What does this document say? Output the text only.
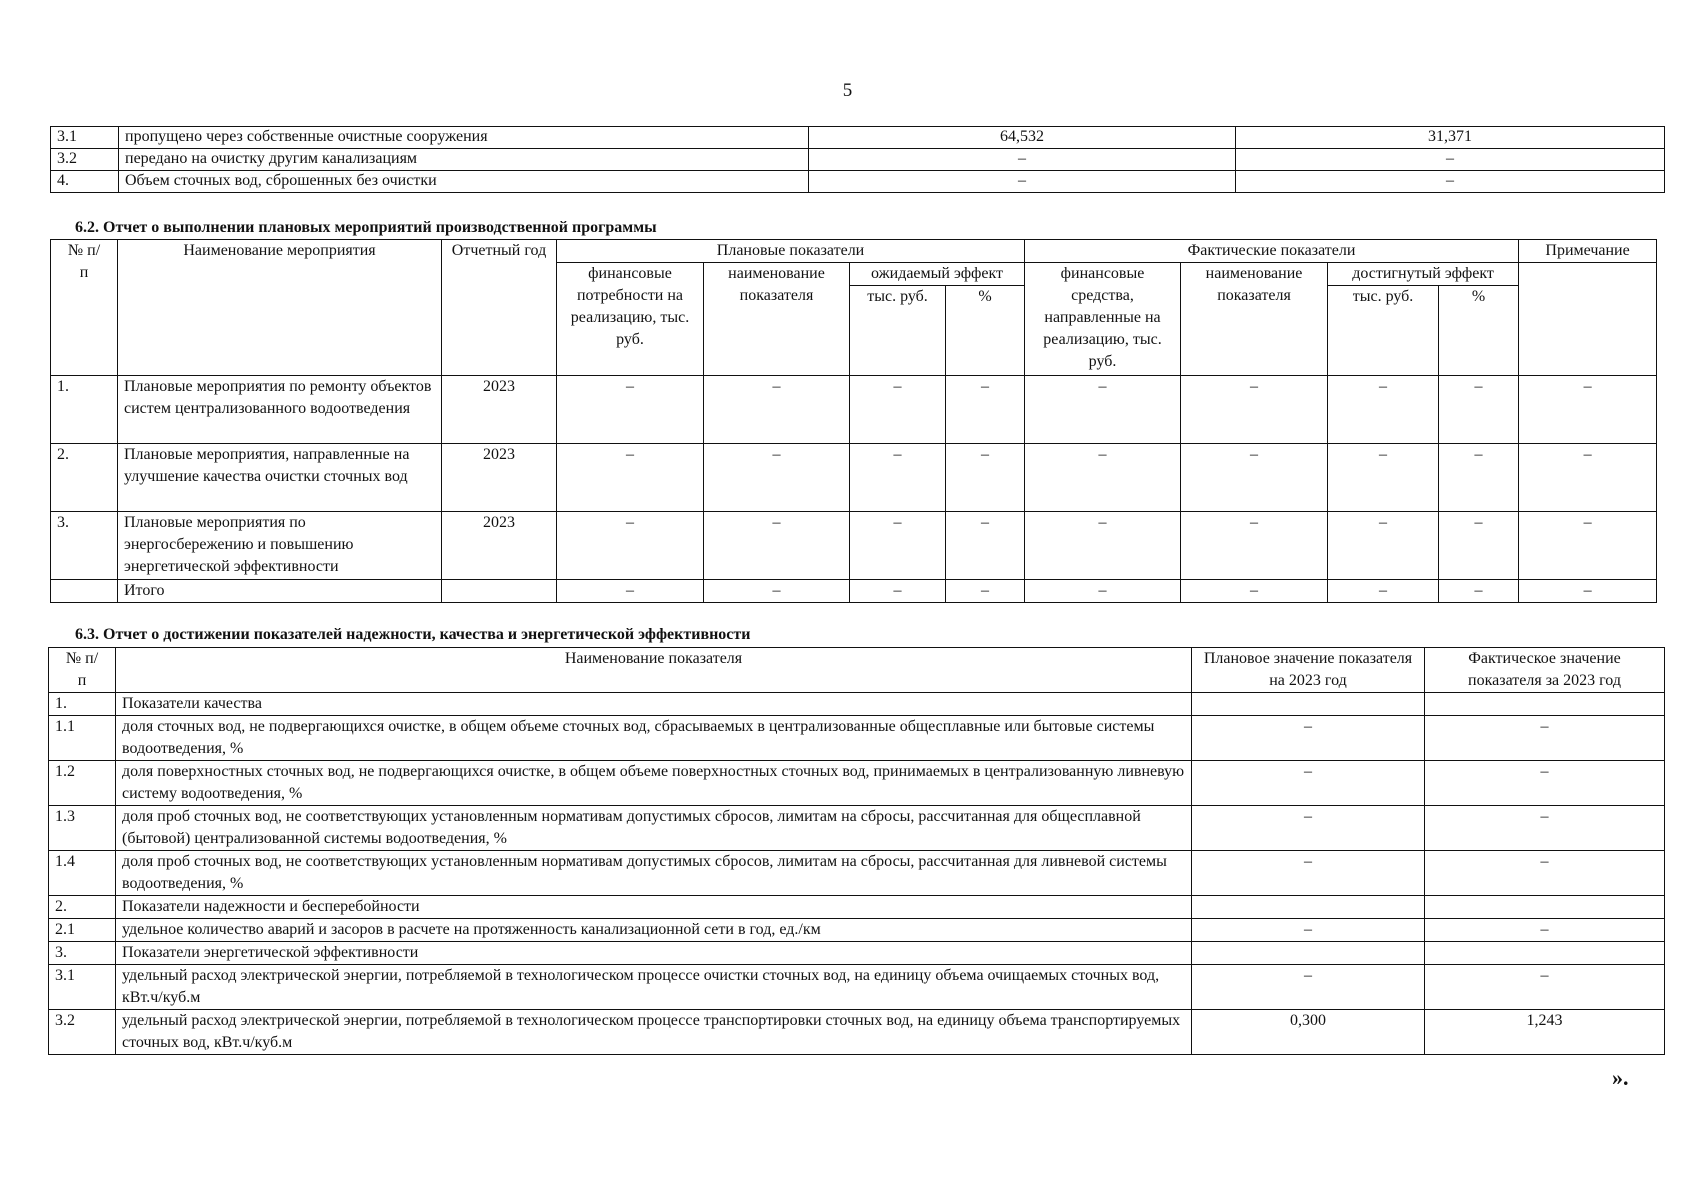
5
3.1	пропущено через собственные очистные сооружения	64,532	31,371
3.2	передано на очистку другим канализациям	–	–
4.	Объем сточных вод, сброшенных без очистки	–	–
6.2. Отчет о выполнении плановых мероприятий производственной программы
№ п/п	Наименование мероприятия	Отчетный год	Плановые показатели				Фактические показатели				Примечание
			финансовые потребности на реализацию, тыс. руб.	наименование показателя	ожидаемый эффект		финансовые средства, направленные на реализацию, тыс. руб.	наименование показателя	достигнутый эффект		
					тыс. руб.	%			тыс. руб.	%	
1.	Плановые мероприятия по ремонту объектов систем централизованного водоотведения	2023	–	–	–	–	–	–	–	–	–
2.	Плановые мероприятия, направленные на улучшение качества очистки сточных вод	2023	–	–	–	–	–	–	–	–	–
3.	Плановые мероприятия по энергосбережению и повышению энергетической эффективности	2023	–	–	–	–	–	–	–	–	–
	Итого		–	–	–	–	–	–	–	–	–
6.3. Отчет о достижении показателей надежности, качества и энергетической эффективности
№ п/п	Наименование показателя	Плановое значение показателя на 2023 год	Фактическое значение показателя за 2023 год
1.	Показатели качества		
1.1	доля сточных вод, не подвергающихся очистке, в общем объеме сточных вод, сбрасываемых в централизованные общесплавные или бытовые системы водоотведения, %	–	–
1.2	доля поверхностных сточных вод, не подвергающихся очистке, в общем объеме поверхностных сточных вод, принимаемых в централизованную ливневую систему водоотведения, %	–	–
1.3	доля проб сточных вод, не соответствующих установленным нормативам допустимых сбросов, лимитам на сбросы, рассчитанная для общесплавной (бытовой) централизованной системы водоотведения, %	–	–
1.4	доля проб сточных вод, не соответствующих установленным нормативам допустимых сбросов, лимитам на сбросы, рассчитанная для ливневой системы водоотведения, %	–	–
2.	Показатели надежности и бесперебойности		
2.1	удельное количество аварий и засоров в расчете на протяженность канализационной сети в год, ед./км	–	–
3.	Показатели энергетической эффективности		
3.1	удельный расход электрической энергии, потребляемой в технологическом процессе очистки сточных вод, на единицу объема очищаемых сточных вод, кВт.ч/куб.м	–	–
3.2	удельный расход электрической энергии, потребляемой в технологическом процессе транспортировки сточных вод, на единицу объема транспортируемых сточных вод, кВт.ч/куб.м	0,300	1,243
».
